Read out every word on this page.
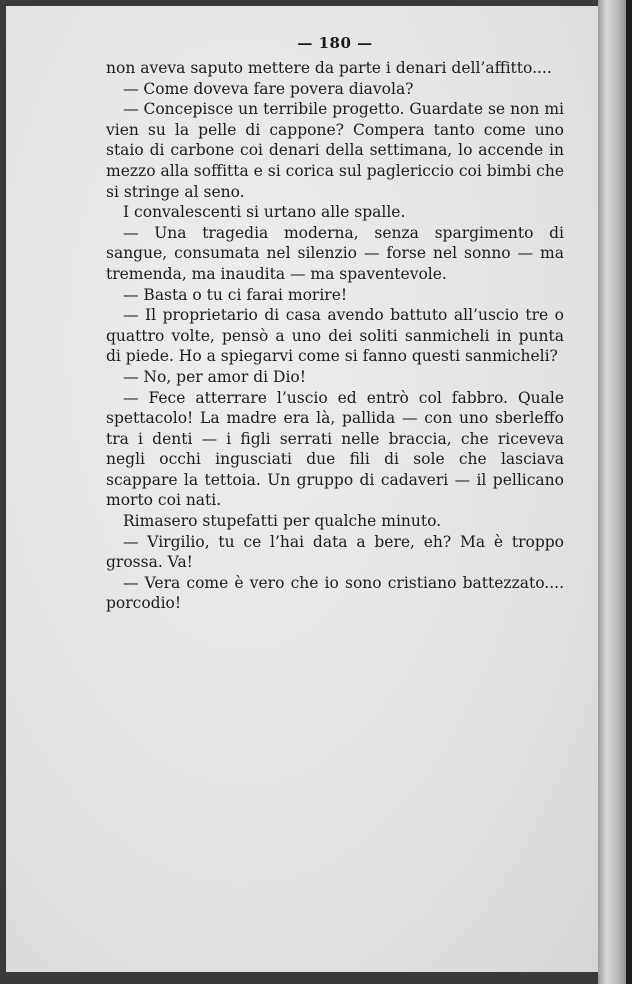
— 180 —

non aveva saputo mettere da parte i denari dell’affitto....

— Come doveva fare povera diavola?

— Concepisce un terribile progetto. Guardate se non mi vien su la pelle di cappone? Compera tanto come uno staio di carbone coi denari della settimana, lo accende in mezzo alla soffitta e si corica sul paglericcio coi bimbi che si stringe al seno.

I convalescenti si urtano alle spalle.

— Una tragedia moderna, senza spargimento di sangue, consumata nel silenzio — forse nel sonno — ma tremenda, ma inaudita — ma spaventevole.

— Basta o tu ci farai morire!

— Il proprietario di casa avendo battuto all’uscio tre o quattro volte, pensò a uno dei soliti sanmicheli in punta di piede. Ho a spiegarvi come si fanno questi sanmicheli?

— No, per amor di Dio!

— Fece atterrare l’uscio ed entrò col fabbro. Quale spettacolo! La madre era là, pallida — con uno sberleffo tra i denti — i figli serrati nelle braccia, che riceveva negli occhi ingusciati due fili di sole che lasciava scappare la tettoia. Un gruppo di cadaveri — il pellicano morto coi nati.

Rimasero stupefatti per qualche minuto.

— Virgilio, tu ce l’hai data a bere, eh? Ma è troppo grossa. Va!

— Vera come è vero che io sono cristiano battezzato.... porcodio!
